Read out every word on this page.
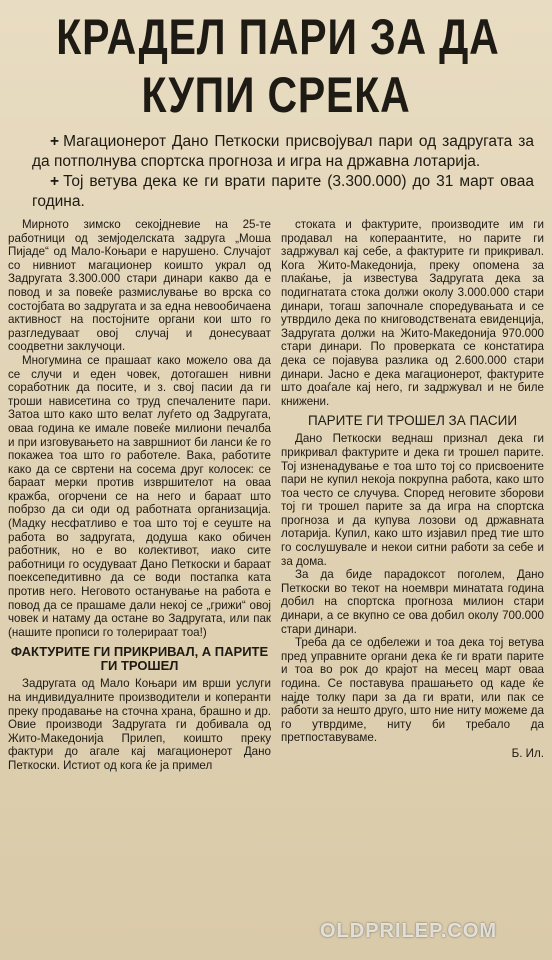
КРАДЕЛ ПАРИ ЗА ДА
КУПИ СРЕКА

+ Магационерот Дано Петкоски присвојувал пари од задругата за да потполнува спортска прогноза и игра на државна лотарија.

+ Тој ветува дека ке ги врати парите (3.300.000) до 31 март оваа година.

Мирното зимско секојдневие на 25-те работници од земјоделската задруга „Моша Пијаде“ од Мало-Коњари е нарушено. Случајот со нивниот магационер коишто украл од Задругата 3.300.000 стари динари какво да е повод и за повеќе размислување во врска со состојбата во задругата и за една невообичаена активност на постојните органи кои што го разгледуваат овој случај и донесуваат соодветни заклучоци.

Многумина се прашаат како можело ова да се случи и еден човек, дотогашен нивни соработник да посите, и з. свој пасии да ги троши нависетина со труд спечалените пари. Затоа што како што велат луѓето од Задругата, оваа година ке имале повеќе милиони печалба и при изговувањето на завршниот би ланси ќе го покажеа тоа што го работеле. Вака, работите како да се свртени на сосема друг колосек: се бараат мерки против извршителот на оваа кражба, огорчени се на него и бараат што побрзо да си оди од работната организација. (Мадку несфатливо е тоа што тој е сеуште на работа во задругата, додуша како обичен работник, но е во колективот, иако сите работници го осудуваат Дано Петкоски и бараат поексепедитивно да се води постапка ката против него. Неговото останување на работа е повод да се прашаме дали некој се „грижи“ овој човек и натаму да остане во Задругата, или пак (нашите прописи го толерираат тоа!)

ФАКТУРИТЕ ГИ ПРИКРИВАЛ, А ПАРИТЕ ГИ ТРОШЕЛ

Задругата од Мало Коњари им врши услуги на индивидуалните производители и коперанти преку продавање на сточна храна, брашно и др. Овие производи Задругата ги добивала од Жито-Македонија Прилеп, коишто преку фактури до агале кај магационерот Дано Петкоски. Истиот од кога ќе ја примел

стоката и фактурите, производите им ги продавал на копераантите, но парите ги задржувал кај себе, а фактурите ги прикривал. Кога Жито-Македонија, преку опомена за плаќање, ја известува Задругата дека за подигнатата стока должи околу 3.000.000 стари динари, тогаш започнале споредувањата и се утврдило дека по книговодствената евиденција, Задругата должи на Жито-Македонија 970.000 стари динари. По проверката се констатира дека се појавува разлика од 2.600.000 стари динари. Јасно е дека магационерот, фактурите што доаѓале кај него, ги задржувал и не биле книжени.

ПАРИТЕ ГИ ТРОШЕЛ ЗА ПАСИИ

Дано Петкоски веднаш признал дека ги прикривал фактурите и дека ги трошел парите. Тој изненадување е тоа што тој со присвоените пари не купил некоја покрупна работа, како што тоа често се случува. Според неговите зборови тој ги трошел парите за да игра на спортска прогноза и да купува лозови од државната лотарија. Купил, како што изјавил пред тие што го сослушувале и некои ситни работи за себе и за дома.

За да биде парадоксот поголем, Дано Петкоски во текот на ноември минатата година добил на спортска прогноза милион стари динари, а се вкупно се ова добил околу 700.000 стари динари.

Треба да се одбележи и тоа дека тој ветува пред управните органи дека ќе ги врати парите и тоа во рок до крајот на месец март оваа година. Се поставува прашањето од каде ќе најде толку пари за да ги врати, или пак се работи за нешто друго, што ние ниту можеме да го утврдиме, ниту би требало да претпоставуваме.

Б. Ил.
OLDPRILEP.COM
